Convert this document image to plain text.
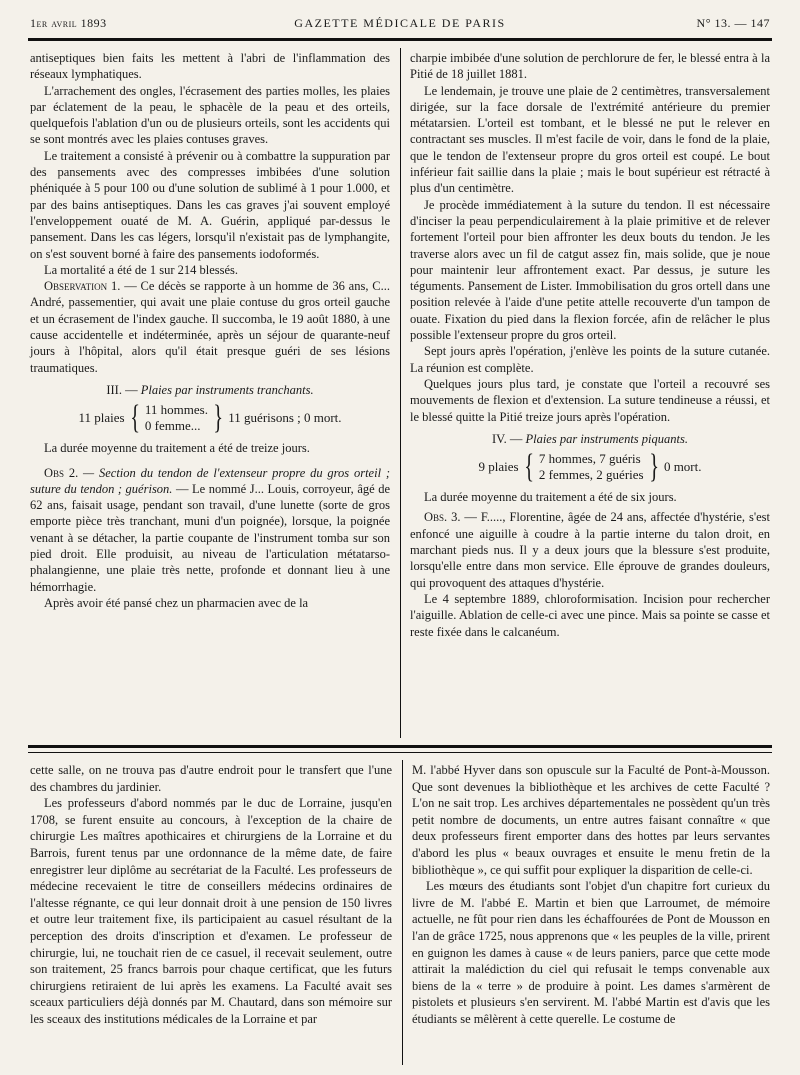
1er avril 1893	GAZETTE MÉDICALE DE PARIS	N° 13. — 147

antiseptiques bien faits les mettent à l'abri de l'inflammation des réseaux lymphatiques.

L'arrachement des ongles, l'écrasement des parties molles, les plaies par éclatement de la peau, le sphacèle de la peau et des orteils, quelquefois l'ablation d'un ou de plusieurs orteils, sont les accidents qui se sont montrés avec les plaies contuses graves.

Le traitement a consisté à prévenir ou à combattre la suppuration par des pansements avec des compresses imbibées d'une solution phéniquée à 5 pour 100 ou d'une solution de sublimé à 1 pour 1.000, et par des bains antiseptiques. Dans les cas graves j'ai souvent employé l'enveloppement ouaté de M. A. Guérin, appliqué par-dessus le pansement. Dans les cas légers, lorsqu'il n'existait pas de lymphangite, on s'est souvent borné à faire des pansements iodoformés.

La mortalité a été de 1 sur 214 blessés.

Observation 1. — Ce décès se rapporte à un homme de 36 ans, C... André, passementier, qui avait une plaie contuse du gros orteil gauche et un écrasement de l'index gauche. Il succomba, le 19 août 1880, à une cause accidentelle et indéterminée, après un séjour de quarante-neuf jours à l'hôpital, alors qu'il était presque guéri de ses lésions traumatiques.

III. — Plaies par instruments tranchants.
11 plaies { 11 hommes.
0 femme... } 11 guérisons ; 0 mort.

La durée moyenne du traitement a été de treize jours.

Obs 2. — Section du tendon de l'extenseur propre du gros orteil ; suture du tendon ; guérison. — Le nommé J... Louis, corroyeur, âgé de 62 ans, faisait usage, pendant son travail, d'une lunette (sorte de gros emporte pièce très tranchant, muni d'un poignée), lorsque, la poignée venant à se détacher, la partie coupante de l'instrument tomba sur son pied droit. Elle produisit, au niveau de l'articulation métatarso-phalangienne, une plaie très nette, profonde et donnant lieu à une hémorrhagie.

Après avoir été pansé chez un pharmacien avec de la

charpie imbibée d'une solution de perchlorure de fer, le blessé entra à la Pitié de 18 juillet 1881.

Le lendemain, je trouve une plaie de 2 centimètres, transversalement dirigée, sur la face dorsale de l'extrémité antérieure du premier métatarsien. L'orteil est tombant, et le blessé ne put le relever en contractant ses muscles. Il m'est facile de voir, dans le fond de la plaie, que le tendon de l'extenseur propre du gros orteil est coupé. Le bout inférieur fait saillie dans la plaie ; mais le bout supérieur est rétracté à plus d'un centimètre.

Je procède immédiatement à la suture du tendon. Il est nécessaire d'inciser la peau perpendiculairement à la plaie primitive et de relever fortement l'orteil pour bien affronter les deux bouts du tendon. Je les traverse alors avec un fil de catgut assez fin, mais solide, que je noue pour maintenir leur affrontement exact. Par dessus, je suture les téguments. Pansement de Lister. Immobilisation du gros ortell dans une position relevée à l'aide d'une petite attelle recouverte d'un tampon de ouate. Fixation du pied dans la flexion forcée, afin de relâcher le plus possible l'extenseur propre du gros orteil.

Sept jours après l'opération, j'enlève les points de la suture cutanée. La réunion est complète.

Quelques jours plus tard, je constate que l'orteil a recouvré ses mouvements de flexion et d'extension. La suture tendineuse a réussi, et le blessé quitte la Pitié treize jours après l'opération.

IV. — Plaies par instruments piquants.
9 plaies { 7 hommes, 7 guéris
2 femmes, 2 guéries } 0 mort.

La durée moyenne du traitement a été de six jours.

Obs. 3. — F....., Florentine, âgée de 24 ans, affectée d'hystérie, s'est enfoncé une aiguille à coudre à la partie interne du talon droit, en marchant pieds nus. Il y a deux jours que la blessure s'est produite, lorsqu'elle entre dans mon service. Elle éprouve de grandes douleurs, qui provoquent des attaques d'hystérie.

Le 4 septembre 1889, chloroformisation. Incision pour rechercher l'aiguille. Ablation de celle-ci avec une pince. Mais sa pointe se casse et reste fixée dans le calcanéum.

cette salle, on ne trouva pas d'autre endroit pour le transfert que l'une des chambres du jardinier.

Les professeurs d'abord nommés par le duc de Lorraine, jusqu'en 1708, se furent ensuite au concours, à l'exception de la chaire de chirurgie Les maîtres apothicaires et chirurgiens de la Lorraine et du Barrois, furent tenus par une ordonnance de la même date, de faire enregistrer leur diplôme au secrétariat de la Faculté. Les professeurs de médecine recevaient le titre de conseillers médecins ordinaires de l'altesse régnante, ce qui leur donnait droit à une pension de 150 livres et outre leur traitement fixe, ils participaient au casuel résultant de la perception des droits d'inscription et d'examen. Le professeur de chirurgie, lui, ne touchait rien de ce casuel, il recevait seulement, outre son traitement, 25 francs barrois pour chaque certificat, que les futurs chirurgiens retiraient de lui après les examens. La Faculté avait ses sceaux particuliers déjà donnés par M. Chautard, dans son mémoire sur les sceaux des institutions médicales de la Lorraine et par

M. l'abbé Hyver dans son opuscule sur la Faculté de Pont-à-Mousson. Que sont devenues la bibliothèque et les archives de cette Faculté ? L'on ne sait trop. Les archives départementales ne possèdent qu'un très petit nombre de documents, un entre autres faisant connaître « que deux professeurs firent emporter dans des hottes par leurs servantes d'abord les plus « beaux ouvrages et ensuite le menu fretin de la bibliothèque », ce qui suffit pour expliquer la disparition de celle-ci.

Les mœurs des étudiants sont l'objet d'un chapitre fort curieux du livre de M. l'abbé E. Martin et bien que Larroumet, de mémoire actuelle, ne fût pour rien dans les échaffourées de Pont de Mousson en l'an de grâce 1725, nous apprenons que « les peuples de la ville, prirent en guignon les dames à cause « de leurs paniers, parce que cette mode attirait la malédiction du ciel qui refusait le temps convenable aux biens de la « terre » de produire à point. Les dames s'armèrent de pistolets et plusieurs s'en servirent. M. l'abbé Martin est d'avis que les étudiants se mêlèrent à cette querelle. Le costume de
